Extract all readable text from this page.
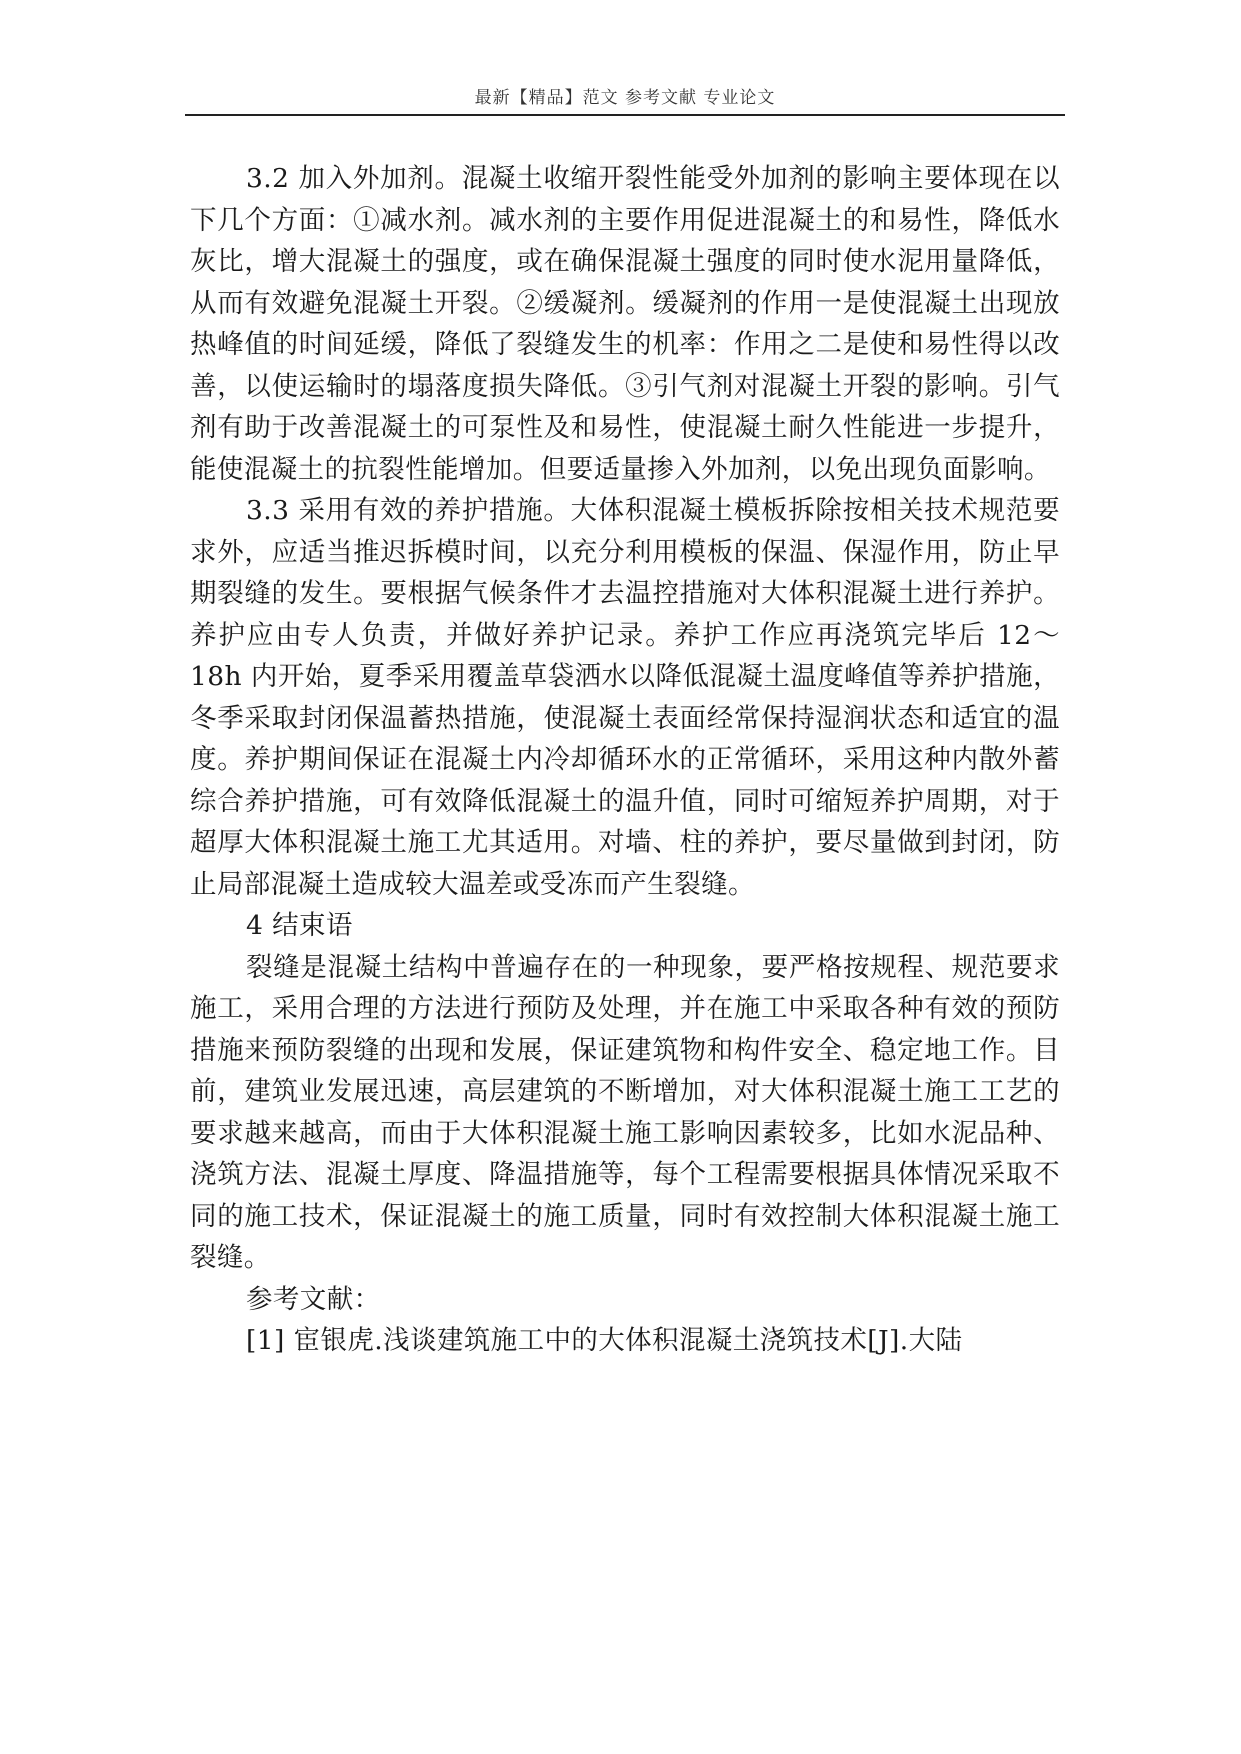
最新【精品】范文 参考文献 专业论文

3.2 加入外加剂。混凝土收缩开裂性能受外加剂的影响主要体现在以下几个方面：①减水剂。减水剂的主要作用促进混凝土的和易性，降低水灰比，增大混凝土的强度，或在确保混凝土强度的同时使水泥用量降低，从而有效避免混凝土开裂。②缓凝剂。缓凝剂的作用一是使混凝土出现放热峰值的时间延缓，降低了裂缝发生的机率：作用之二是使和易性得以改善，以使运输时的塌落度损失降低。③引气剂对混凝土开裂的影响。引气剂有助于改善混凝土的可泵性及和易性，使混凝土耐久性能进一步提升，能使混凝土的抗裂性能增加。但要适量掺入外加剂，以免出现负面影响。

3.3 采用有效的养护措施。大体积混凝土模板拆除按相关技术规范要求外，应适当推迟拆模时间，以充分利用模板的保温、保湿作用，防止早期裂缝的发生。要根据气候条件才去温控措施对大体积混凝土进行养护。养护应由专人负责，并做好养护记录。养护工作应再浇筑完毕后 12～18h 内开始，夏季采用覆盖草袋洒水以降低混凝土温度峰值等养护措施，冬季采取封闭保温蓄热措施，使混凝土表面经常保持湿润状态和适宜的温度。养护期间保证在混凝土内冷却循环水的正常循环，采用这种内散外蓄综合养护措施，可有效降低混凝土的温升值，同时可缩短养护周期，对于超厚大体积混凝土施工尤其适用。对墙、柱的养护，要尽量做到封闭，防止局部混凝土造成较大温差或受冻而产生裂缝。

4 结束语

裂缝是混凝土结构中普遍存在的一种现象，要严格按规程、规范要求施工，采用合理的方法进行预防及处理，并在施工中采取各种有效的预防措施来预防裂缝的出现和发展，保证建筑物和构件安全、稳定地工作。目前，建筑业发展迅速，高层建筑的不断增加，对大体积混凝土施工工艺的要求越来越高，而由于大体积混凝土施工影响因素较多，比如水泥品种、浇筑方法、混凝土厚度、降温措施等，每个工程需要根据具体情况采取不同的施工技术，保证混凝土的施工质量，同时有效控制大体积混凝土施工裂缝。

参考文献：

[1] 宦银虎.浅谈建筑施工中的大体积混凝土浇筑技术[J].大陆
